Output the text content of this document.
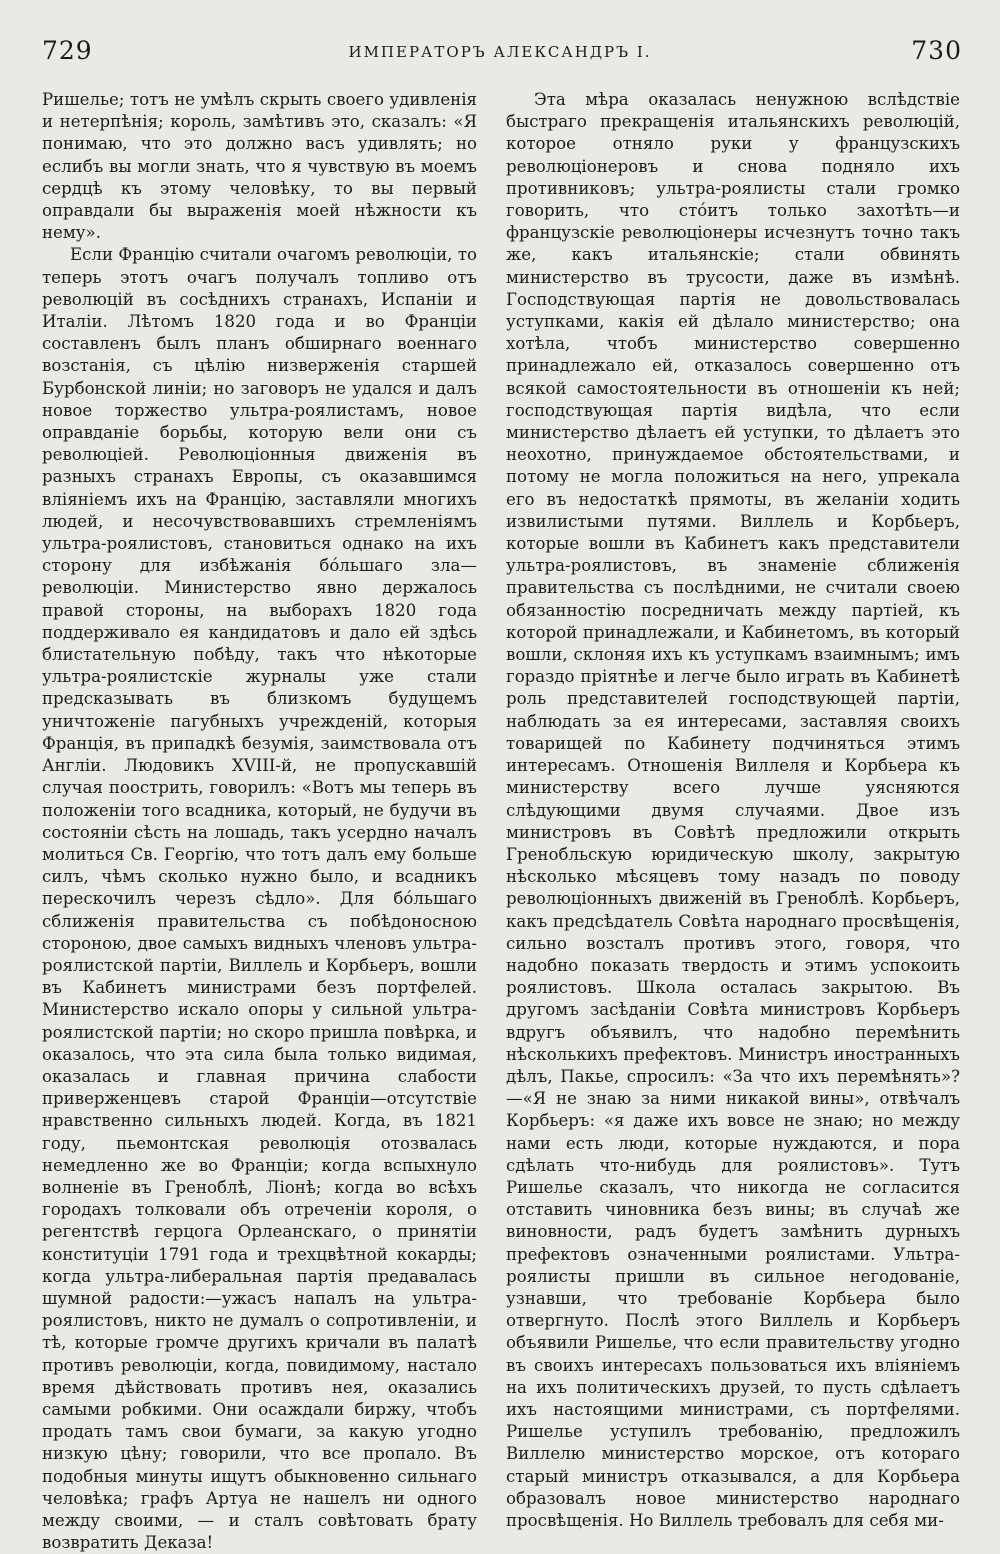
729	ИМПЕРАТОРЪ АЛЕКСАНДРЪ I.	730

Ришелье; тотъ не умѣлъ скрыть своего удивленія и нетерпѣнія; король, замѣтивъ это, сказалъ: «Я понимаю, что это должно васъ удивлять; но еслибъ вы могли знать, что я чувствую въ моемъ сердцѣ къ этому человѣку, то вы первый оправдали бы выраженія моей нѣжности къ нему».

Если Францію считали очагомъ революціи, то теперь этотъ очагъ получалъ топливо отъ революцій въ сосѣднихъ странахъ, Испаніи и Италіи. Лѣтомъ 1820 года и во Франціи составленъ былъ планъ обширнаго военнаго возстанія, съ цѣлію низверженія старшей Бурбонской линіи; но заговоръ не удался и далъ новое торжество ультра-роялистамъ, новое оправданіе борьбы, которую вели они съ революціей. Революціонныя движенія въ разныхъ странахъ Европы, съ оказавшимся вліяніемъ ихъ на Францію, заставляли многихъ людей, и несочувствовавшихъ стремленіямъ ультра-роялистовъ, становиться однако на ихъ сторону для избѣжанія бóльшаго зла—революціи. Министерство явно держалось правой стороны, на выборахъ 1820 года поддерживало ея кандидатовъ и дало ей здѣсь блистательную побѣду, такъ что нѣкоторые ультра-роялистскіе журналы уже стали предсказывать въ близкомъ будущемъ уничтоженіе пагубныхъ учрежденій, которыя Франція, въ припадкѣ безумія, заимствовала отъ Англіи. Людовикъ XVIII-й, не пропускавшій случая поострить, говорилъ: «Вотъ мы теперь въ положеніи того всадника, который, не будучи въ состояніи сѣсть на лошадь, такъ усердно началъ молиться Св. Георгію, что тотъ далъ ему больше силъ, чѣмъ сколько нужно было, и всадникъ перескочилъ черезъ сѣдло». Для бóльшаго сближенія правительства съ побѣдоносною стороною, двое самыхъ видныхъ членовъ ультра-роялистской партіи, Виллель и Корбьеръ, вошли въ Кабинетъ министрами безъ портфелей. Министерство искало опоры у сильной ультра-роялистской партіи; но скоро пришла повѣрка, и оказалось, что эта сила была только видимая, оказалась и главная причина слабости приверженцевъ старой Франціи—отсутствіе нравственно сильныхъ людей. Когда, въ 1821 году, пьемонтская революція отозвалась немедленно же во Франціи; когда вспыхнуло волненіе въ Греноблѣ, Ліонѣ; когда во всѣхъ городахъ толковали объ отреченіи короля, о регентствѣ герцога Орлеанскаго, о принятіи конституціи 1791 года и трехцвѣтной кокарды; когда ультра-либеральная партія предавалась шумной радости:—ужасъ напалъ на ультра-роялистовъ, никто не думалъ о сопротивленіи, и тѣ, которые громче другихъ кричали въ палатѣ противъ революціи, когда, повидимому, настало время дѣйствовать противъ нея, оказались самыми робкими. Они осаждали биржу, чтобъ продать тамъ свои бумаги, за какую угодно низкую цѣну; говорили, что все пропало. Въ подобныя минуты ищутъ обыкновенно сильнаго человѣка; графъ Артуа не нашелъ ни одного между своими, — и сталъ совѣтовать брату возвратить Деказа!

Эта мѣра оказалась ненужною вслѣдствіе быстраго прекращенія итальянскихъ революцій, которое отняло руки у французскихъ революціонеровъ и снова подняло ихъ противниковъ; ультра-роялисты стали громко говорить, что стóитъ только захотѣть—и французскіе революціонеры исчезнутъ точно такъ же, какъ итальянскіе; стали обвинять министерство въ трусости, даже въ измѣнѣ. Господствующая партія не довольствовалась уступками, какія ей дѣлало министерство; она хотѣла, чтобъ министерство совершенно принадлежало ей, отказалось совершенно отъ всякой самостоятельности въ отношеніи къ ней; господствующая партія видѣла, что если министерство дѣлаетъ ей уступки, то дѣлаетъ это неохотно, принуждаемое обстоятельствами, и потому не могла положиться на него, упрекала его въ недостаткѣ прямоты, въ желаніи ходить извилистыми путями. Виллель и Корбьеръ, которые вошли въ Кабинетъ какъ представители ультра-роялистовъ, въ знаменіе сближенія правительства съ послѣдними, не считали своею обязанностію посредничать между партіей, къ которой принадлежали, и Кабинетомъ, въ который вошли, склоняя ихъ къ уступкамъ взаимнымъ; имъ гораздо пріятнѣе и легче было играть въ Кабинетѣ роль представителей господствующей партіи, наблюдать за ея интересами, заставляя своихъ товарищей по Кабинету подчиняться этимъ интересамъ. Отношенія Виллеля и Корбьера къ министерству всего лучше уясняются слѣдующими двумя случаями. Двое изъ министровъ въ Совѣтѣ предложили открыть Гренобльскую юридическую школу, закрытую нѣсколько мѣсяцевъ тому назадъ по поводу революціонныхъ движеній въ Греноблѣ. Корбьеръ, какъ предсѣдатель Совѣта народнаго просвѣщенія, сильно возсталъ противъ этого, говоря, что надобно показать твердость и этимъ успокоить роялистовъ. Школа осталась закрытою. Въ другомъ засѣданіи Совѣта министровъ Корбьеръ вдругъ объявилъ, что надобно перемѣнить нѣсколькихъ префектовъ. Министръ иностранныхъ дѣлъ, Пакье, спросилъ: «За что ихъ перемѣнять»?—«Я не знаю за ними никакой вины», отвѣчалъ Корбьеръ: «я даже ихъ вовсе не знаю; но между нами есть люди, которые нуждаются, и пора сдѣлать что-нибудь для роялистовъ». Тутъ Ришелье сказалъ, что никогда не согласится отставить чиновника безъ вины; въ случаѣ же виновности, радъ будетъ замѣнить дурныхъ префектовъ означенными роялистами. Ультра-роялисты пришли въ сильное негодованіе, узнавши, что требованіе Корбьера было отвергнуто. Послѣ этого Виллель и Корбьеръ объявили Ришелье, что если правительству угодно въ своихъ интересахъ пользоваться ихъ вліяніемъ на ихъ политическихъ друзей, то пусть сдѣлаетъ ихъ настоящими министрами, съ портфелями. Ришелье уступилъ требованію, предложилъ Виллелю министерство морское, отъ котораго старый министръ отказывался, а для Корбьера образовалъ новое министерство народнаго просвѣщенія. Но Виллель требовалъ для себя ми-
